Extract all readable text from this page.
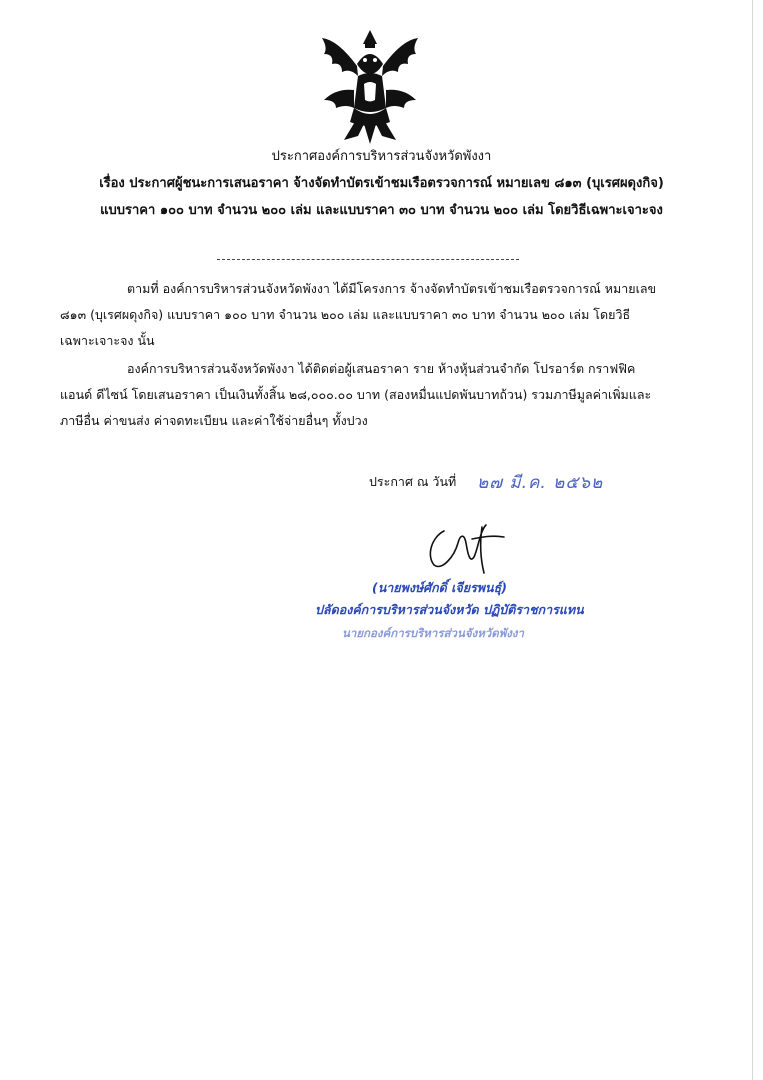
ประกาศองค์การบริหารส่วนจังหวัดพังงา
เรื่อง ประกาศผู้ชนะการเสนอราคา จ้างจัดทำบัตรเข้าชมเรือตรวจการณ์ หมายเลข ๘๑๓ (บุเรศผดุงกิจ)
แบบราคา ๑๐๐ บาท จำนวน ๒๐๐ เล่ม และแบบราคา ๓๐ บาท จำนวน ๒๐๐ เล่ม โดยวิธีเฉพาะเจาะจง
ตามที่ องค์การบริหารส่วนจังหวัดพังงา ได้มีโครงการ จ้างจัดทำบัตรเข้าชมเรือตรวจการณ์ หมายเลข
๘๑๓ (บุเรศผดุงกิจ) แบบราคา ๑๐๐ บาท จำนวน ๒๐๐ เล่ม และแบบราคา ๓๐ บาท จำนวน ๒๐๐ เล่ม โดยวิธี
เฉพาะเจาะจง นั้น
องค์การบริหารส่วนจังหวัดพังงา ได้ติดต่อผู้เสนอราคา ราย ห้างหุ้นส่วนจำกัด โปรอาร์ต กราฟฟิค
แอนด์ ดีไซน์ โดยเสนอราคา เป็นเงินทั้งสิ้น ๒๘,๐๐๐.๐๐ บาท (สองหมื่นแปดพันบาทถ้วน) รวมภาษีมูลค่าเพิ่มและ
ภาษีอื่น ค่าขนส่ง ค่าจดทะเบียน และค่าใช้จ่ายอื่นๆ ทั้งปวง
ประกาศ ณ วันที่ ๒๗ มี.ค. ๒๕๖๒
(นายพงษ์ศักดิ์ เจียรพนธุ์)
ปลัดองค์การบริหารส่วนจังหวัด ปฏิบัติราชการแทน
นายกองค์การบริหารส่วนจังหวัดพังงา
